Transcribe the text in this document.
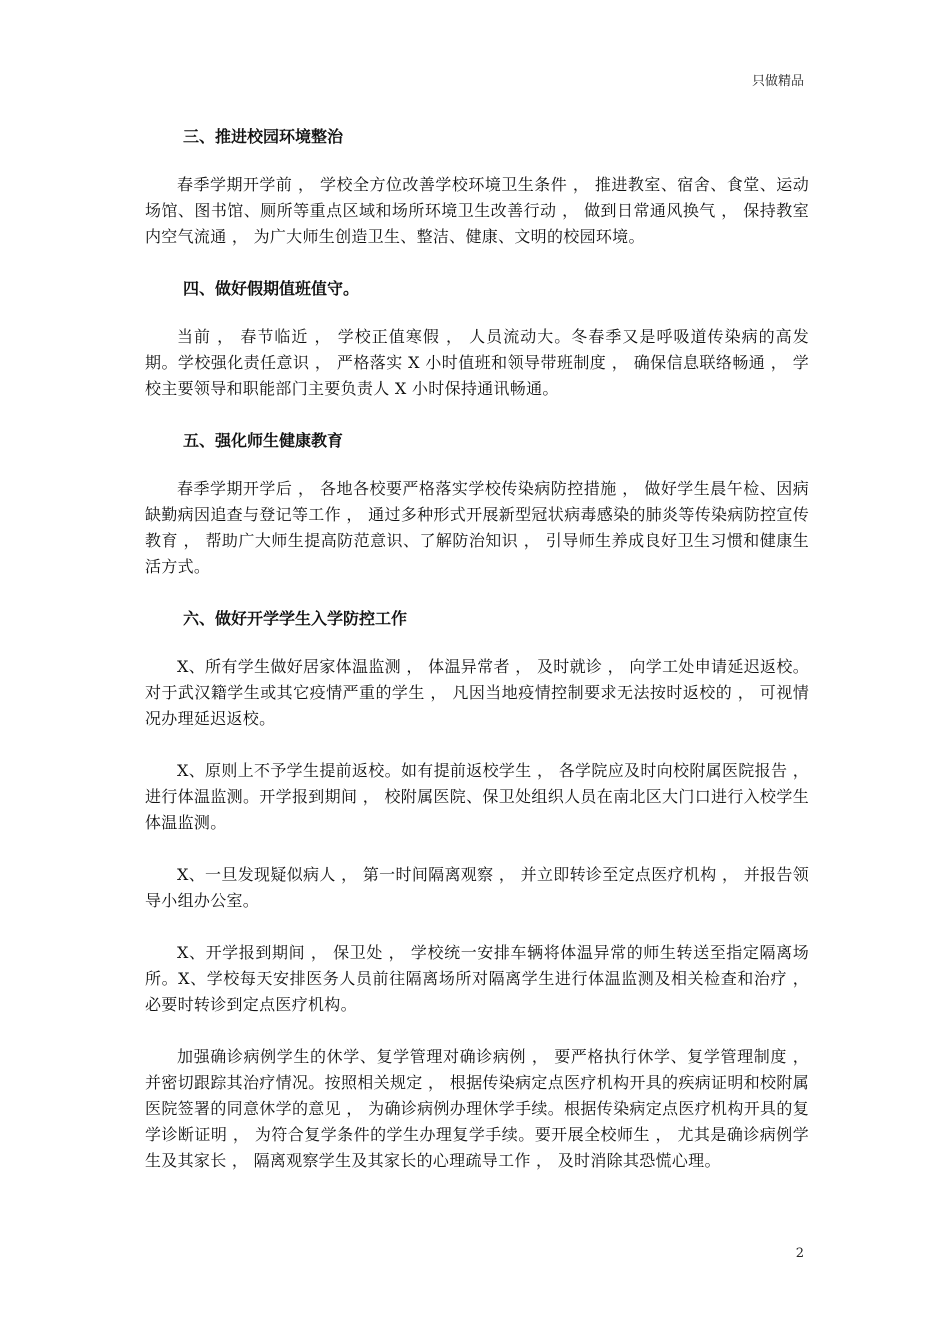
只做精品
三、推进校园环境整治

春季学期开学前 ， 学校全方位改善学校环境卫生条件 ， 推进教室、宿舍、食堂、运动场馆、图书馆、厕所等重点区域和场所环境卫生改善行动 ， 做到日常通风换气 ， 保持教室内空气流通 ， 为广大师生创造卫生、整洁、健康、文明的校园环境。

四、做好假期值班值守。

当前 ， 春节临近 ， 学校正值寒假 ， 人员流动大。冬春季又是呼吸道传染病的高发期。学校强化责任意识 ， 严格落实 X 小时值班和领导带班制度 ， 确保信息联络畅通 ， 学校主要领导和职能部门主要负责人 X 小时保持通讯畅通。

五、强化师生健康教育

春季学期开学后 ， 各地各校要严格落实学校传染病防控措施 ， 做好学生晨午检、因病缺勤病因追查与登记等工作 ， 通过多种形式开展新型冠状病毒感染的肺炎等传染病防控宣传教育 ， 帮助广大师生提高防范意识、了解防治知识 ， 引导师生养成良好卫生习惯和健康生活方式。

六、做好开学学生入学防控工作

X、所有学生做好居家体温监测 ， 体温异常者 ， 及时就诊 ， 向学工处申请延迟返校。对于武汉籍学生或其它疫情严重的学生 ， 凡因当地疫情控制要求无法按时返校的 ， 可视情况办理延迟返校。

X、原则上不予学生提前返校。如有提前返校学生 ， 各学院应及时向校附属医院报告 ， 进行体温监测。开学报到期间 ， 校附属医院、保卫处组织人员在南北区大门口进行入校学生体温监测。

X、一旦发现疑似病人 ， 第一时间隔离观察 ， 并立即转诊至定点医疗机构 ， 并报告领导小组办公室。

X、开学报到期间 ， 保卫处 ， 学校统一安排车辆将体温异常的师生转送至指定隔离场所。X、学校每天安排医务人员前往隔离场所对隔离学生进行体温监测及相关检查和治疗 ， 必要时转诊到定点医疗机构。

加强确诊病例学生的休学、复学管理对确诊病例 ， 要严格执行休学、复学管理制度 ， 并密切跟踪其治疗情况。按照相关规定 ， 根据传染病定点医疗机构开具的疾病证明和校附属医院签署的同意休学的意见 ， 为确诊病例办理休学手续。根据传染病定点医疗机构开具的复学诊断证明 ， 为符合复学条件的学生办理复学手续。要开展全校师生 ， 尤其是确诊病例学生及其家长 ， 隔离观察学生及其家长的心理疏导工作 ， 及时消除其恐慌心理。

2
